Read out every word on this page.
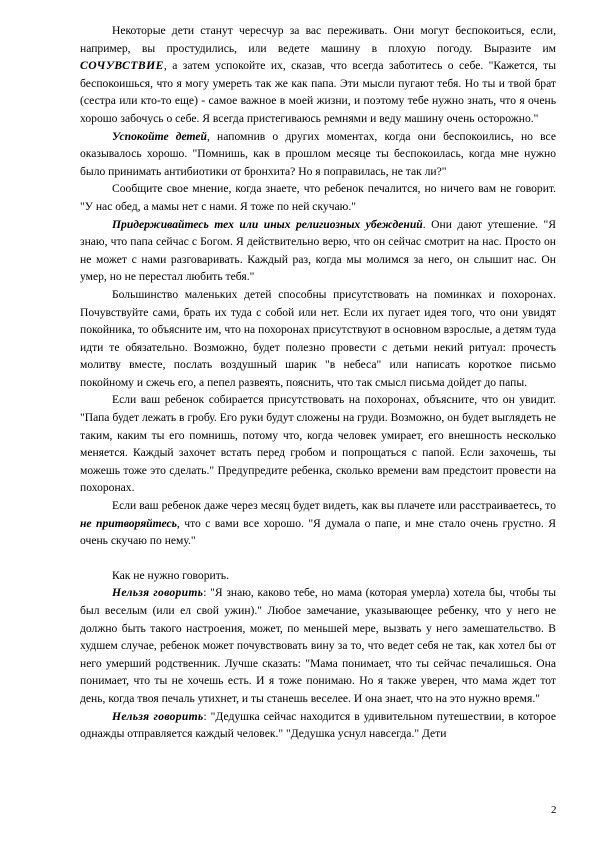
Некоторые дети станут чересчур за вас переживать. Они могут беспокоиться, если, например, вы простудились, или ведете машину в плохую погоду. Выразите им СОЧУВСТВИЕ, а затем успокойте их, сказав, что всегда заботитесь о себе. "Кажется, ты беспокоишься, что я могу умереть так же как папа. Эти мысли пугают тебя. Но ты и твой брат (сестра или кто-то еще) - самое важное в моей жизни, и поэтому тебе нужно знать, что я очень хорошо забочусь о себе. Я всегда пристегиваюсь ремнями и веду машину очень осторожно."

Успокойте детей, напомнив о других моментах, когда они беспокоились, но все оказывалось хорошо. "Помнишь, как в прошлом месяце ты беспокоилась, когда мне нужно было принимать антибиотики от бронхита? Но я поправилась, не так ли?"

Сообщите свое мнение, когда знаете, что ребенок печалится, но ничего вам не говорит. "У нас обед, а мамы нет с нами. Я тоже по ней скучаю."

Придерживайтесь тех или иных религиозных убеждений. Они дают утешение. "Я знаю, что папа сейчас с Богом. Я действительно верю, что он сейчас смотрит на нас. Просто он не может с нами разговаривать. Каждый раз, когда мы молимся за него, он слышит нас. Он умер, но не перестал любить тебя."

Большинство маленьких детей способны присутствовать на поминках и похоронах. Почувствуйте сами, брать их туда с собой или нет. Если их пугает идея того, что они увидят покойника, то объясните им, что на похоронах присутствуют в основном взрослые, а детям туда идти те обязательно. Возможно, будет полезно провести с детьми некий ритуал: прочесть молитву вместе, послать воздушный шарик "в небеса" или написать короткое письмо покойному и сжечь его, а пепел развеять, пояснить, что так смысл письма дойдет до папы.

Если ваш ребенок собирается присутствовать на похоронах, объясните, что он увидит. "Папа будет лежать в гробу. Его руки будут сложены на груди. Возможно, он будет выглядеть не таким, каким ты его помнишь, потому что, когда человек умирает, его внешность несколько меняется. Каждый захочет встать перед гробом и попрощаться с папой. Если захочешь, ты можешь тоже это сделать." Предупредите ребенка, сколько времени вам предстоит провести на похоронах.

Если ваш ребенок даже через месяц будет видеть, как вы плачете или расстраиваетесь, то не притворяйтесь, что с вами все хорошо. "Я думала о папе, и мне стало очень грустно. Я очень скучаю по нему."

Как не нужно говорить.

Нельзя говорить: "Я знаю, каково тебе, но мама (которая умерла) хотела бы, чтобы ты был веселым (или ел свой ужин)." Любое замечание, указывающее ребенку, что у него не должно быть такого настроения, может, по меньшей мере, вызвать у него замешательство. В худшем случае, ребенок может почувствовать вину за то, что ведет себя не так, как хотел бы от него умерший родственник. Лучше сказать: "Мама понимает, что ты сейчас печалишься. Она понимает, что ты не хочешь есть. И я тоже понимаю. Но я также уверен, что мама ждет тот день, когда твоя печаль утихнет, и ты станешь веселее. И она знает, что на это нужно время."

Нельзя говорить: "Дедушка сейчас находится в удивительном путешествии, в которое однажды отправляется каждый человек." "Дедушка уснул навсегда." Дети

2
